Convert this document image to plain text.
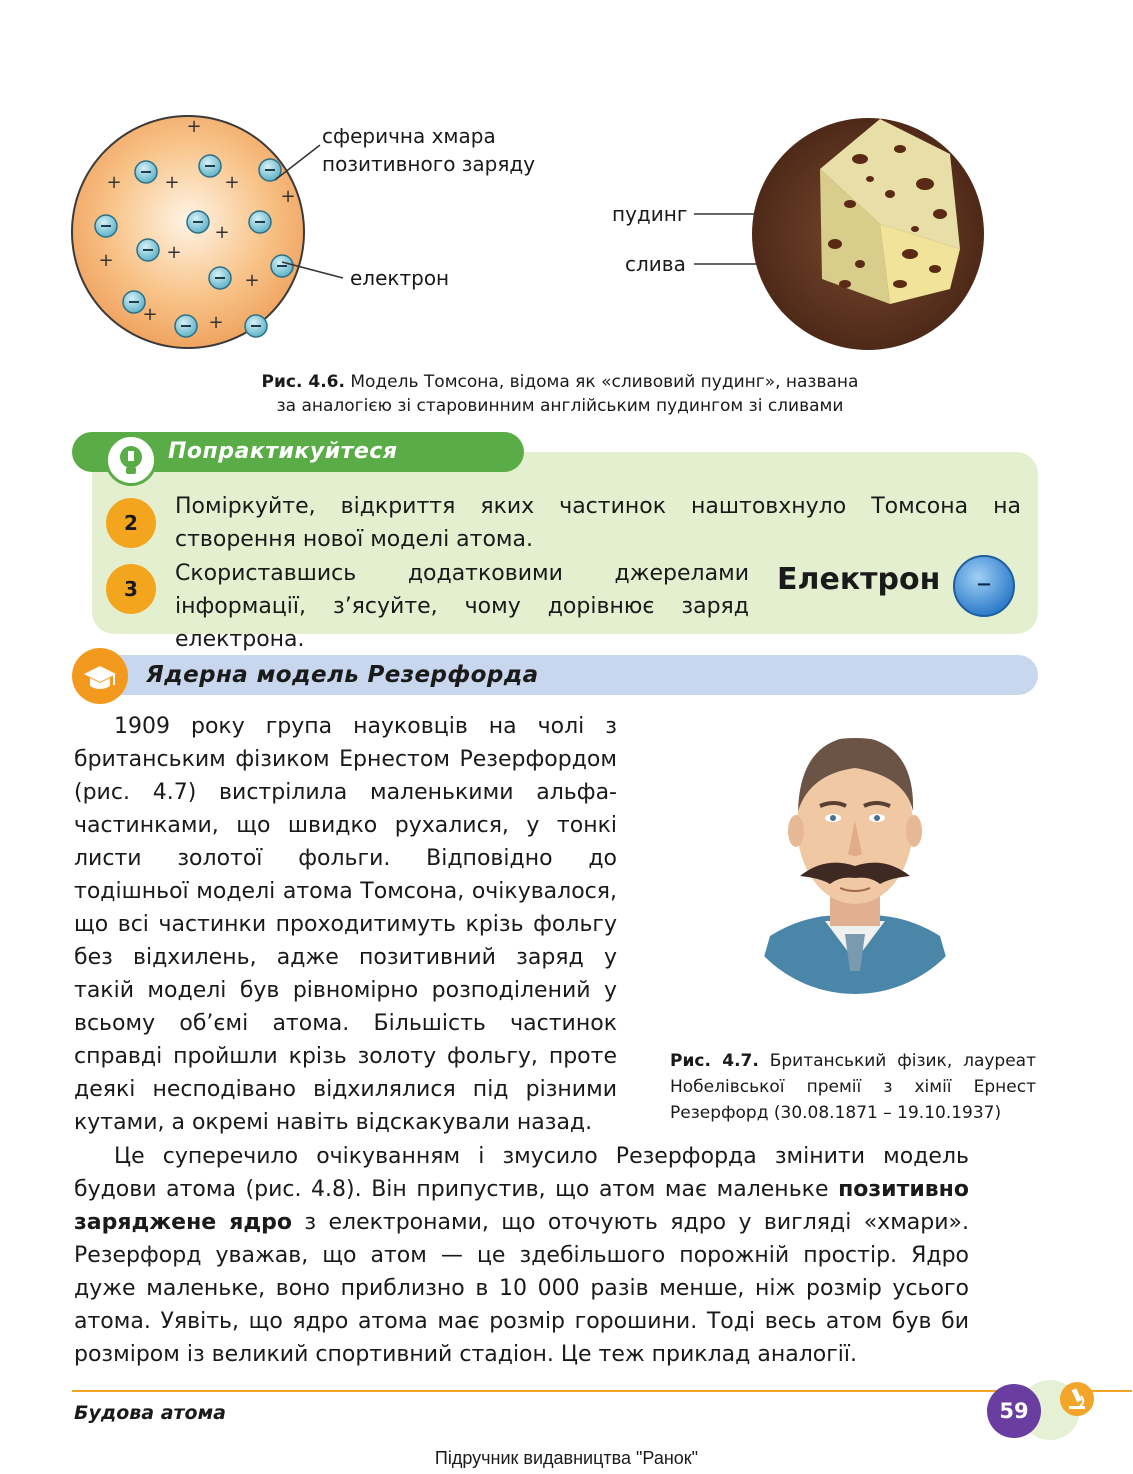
+
+ + +
+
+
+
+
+
+	+
сферична хмара
позитивного заряду
електрон
пудинг
слива
Рис. 4.6. Модель Томсона, відома як «сливовий пудинг», названа
за аналогією зі старовинним англійським пудингом зі сливами
Попрактикуйтеся
2
Поміркуйте, відкриття яких частинок наштовхнуло Томсона на створення нової моделі атома.
3
Скориставшись додатковими джерелами інформації, з’ясуйте, чому дорівнює заряд електрона.
Електрон	–
Ядерна модель Резерфорда
1909 року група науковців на чолі з британським фізиком Ернестом Резерфордом (рис. 4.7) вистрілила маленькими альфа-частинками, що швидко рухалися, у тонкі листи золотої фольги. Відповідно до тодішньої моделі атома Томсона, очікувалося, що всі частинки проходитимуть крізь фольгу без відхилень, адже позитивний заряд у такій моделі був рівномірно розподілений у всьому об’ємі атома. Більшість частинок справді пройшли крізь золоту фольгу, проте деякі несподівано відхилялися під різними кутами, а окремі навіть відскакували назад.
Рис. 4.7. Британський фізик, лауреат Нобелівської премії з хімії Ернест Резерфорд (30.08.1871 – 19.10.1937)
Це суперечило очікуванням і змусило Резерфорда змінити модель будови атома (рис. 4.8). Він припустив, що атом має маленьке позитивно заряджене ядро з електронами, що оточують ядро у вигляді «хмари». Резерфорд уважав, що атом — це здебільшого порожній простір. Ядро дуже маленьке, воно приблизно в 10 000 разів менше, ніж розмір усього атома. Уявіть, що ядро атома має розмір горошини. Тоді весь атом був би розміром із великий спортивний стадіон. Це теж приклад аналогії.
Будова атома	59
Підручник видавництва "Ранок"
